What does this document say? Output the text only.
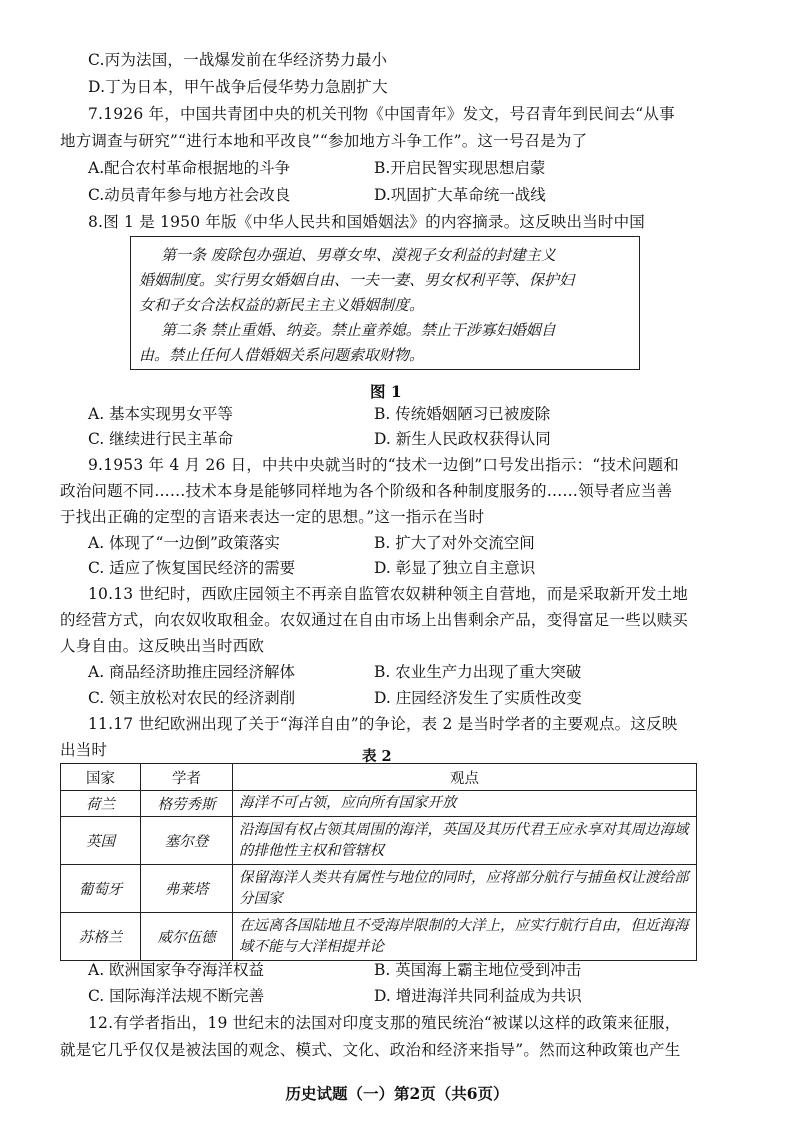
C.丙为法国，一战爆发前在华经济势力最小
D.丁为日本，甲午战争后侵华势力急剧扩大
7.1926 年，中国共青团中央的机关刊物《中国青年》发文，号召青年到民间去“从事
地方调查与研究”“进行本地和平改良”“参加地方斗争工作”。这一号召是为了
A.配合农村革命根据地的斗争	B.开启民智实现思想启蒙
C.动员青年参与地方社会改良	D.巩固扩大革命统一战线
8.图 1 是 1950 年版《中华人民共和国婚姻法》的内容摘录。这反映出当时中国
第一条 废除包办强迫、男尊女卑、漠视子女利益的封建主义
婚姻制度。实行男女婚姻自由、一夫一妻、男女权利平等、保护妇
女和子女合法权益的新民主主义婚姻制度。
第二条 禁止重婚、纳妾。禁止童养媳。禁止干涉寡妇婚姻自
由。禁止任何人借婚姻关系问题索取财物。
图 1
A. 基本实现男女平等	B. 传统婚姻陋习已被废除
C. 继续进行民主革命	D. 新生人民政权获得认同
9.1953 年 4 月 26 日，中共中央就当时的“技术一边倒”口号发出指示：“技术问题和
政治问题不同……技术本身是能够同样地为各个阶级和各种制度服务的……领导者应当善
于找出正确的定型的言语来表达一定的思想。”这一指示在当时
A. 体现了“一边倒”政策落实	B. 扩大了对外交流空间
C. 适应了恢复国民经济的需要	D. 彰显了独立自主意识
10.13 世纪时，西欧庄园领主不再亲自监管农奴耕种领主自营地，而是采取新开发土地
的经营方式，向农奴收取租金。农奴通过在自由市场上出售剩余产品，变得富足一些以赎买
人身自由。这反映出当时西欧
A. 商品经济助推庄园经济解体	B. 农业生产力出现了重大突破
C. 领主放松对农民的经济剥削	D. 庄园经济发生了实质性改变
11.17 世纪欧洲出现了关于“海洋自由”的争论，表 2 是当时学者的主要观点。这反映
出当时	表 2
国家	学者	观点
荷兰	格劳秀斯	海洋不可占领，应向所有国家开放
英国	塞尔登	沿海国有权占领其周围的海洋，英国及其历代君王应永享对其周边海域的排他性主权和管辖权
葡萄牙	弗莱塔	保留海洋人类共有属性与地位的同时，应将部分航行与捕鱼权让渡给部分国家
苏格兰	威尔伍德	在远离各国陆地且不受海岸限制的大洋上，应实行航行自由，但近海海域不能与大洋相提并论
A. 欧洲国家争夺海洋权益	B. 英国海上霸主地位受到冲击
C. 国际海洋法规不断完善	D. 增进海洋共同利益成为共识
12.有学者指出，19 世纪末的法国对印度支那的殖民统治“被谋以这样的政策来征服，
就是它几乎仅仅是被法国的观念、模式、文化、政治和经济来指导”。然而这种政策也产生
历史试题（一）第2页（共6页）
